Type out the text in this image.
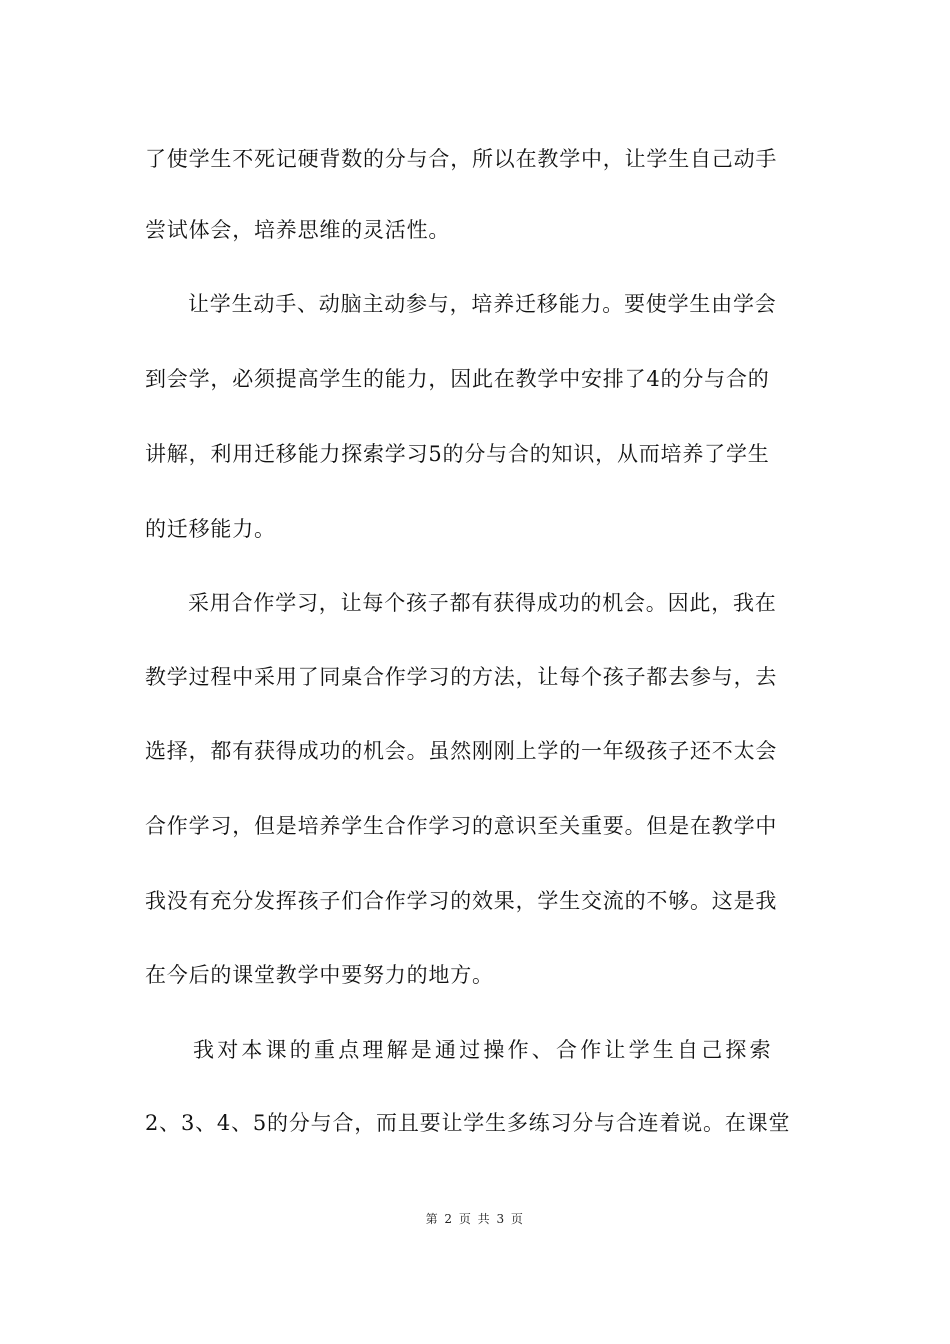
了使学生不死记硬背数的分与合，所以在教学中，让学生自己动手
尝试体会，培养思维的灵活性。
让学生动手、动脑主动参与，培养迁移能力。要使学生由学会
到会学，必须提高学生的能力，因此在教学中安排了4的分与合的
讲解，利用迁移能力探索学习5的分与合的知识，从而培养了学生
的迁移能力。
采用合作学习，让每个孩子都有获得成功的机会。因此，我在
教学过程中采用了同桌合作学习的方法，让每个孩子都去参与，去
选择，都有获得成功的机会。虽然刚刚上学的一年级孩子还不太会
合作学习，但是培养学生合作学习的意识至关重要。但是在教学中
我没有充分发挥孩子们合作学习的效果，学生交流的不够。这是我
在今后的课堂教学中要努力的地方。
我对本课的重点理解是通过操作、合作让学生自己探索
2、3、4、5的分与合，而且要让学生多练习分与合连着说。在课堂
第 2 页 共 3 页
